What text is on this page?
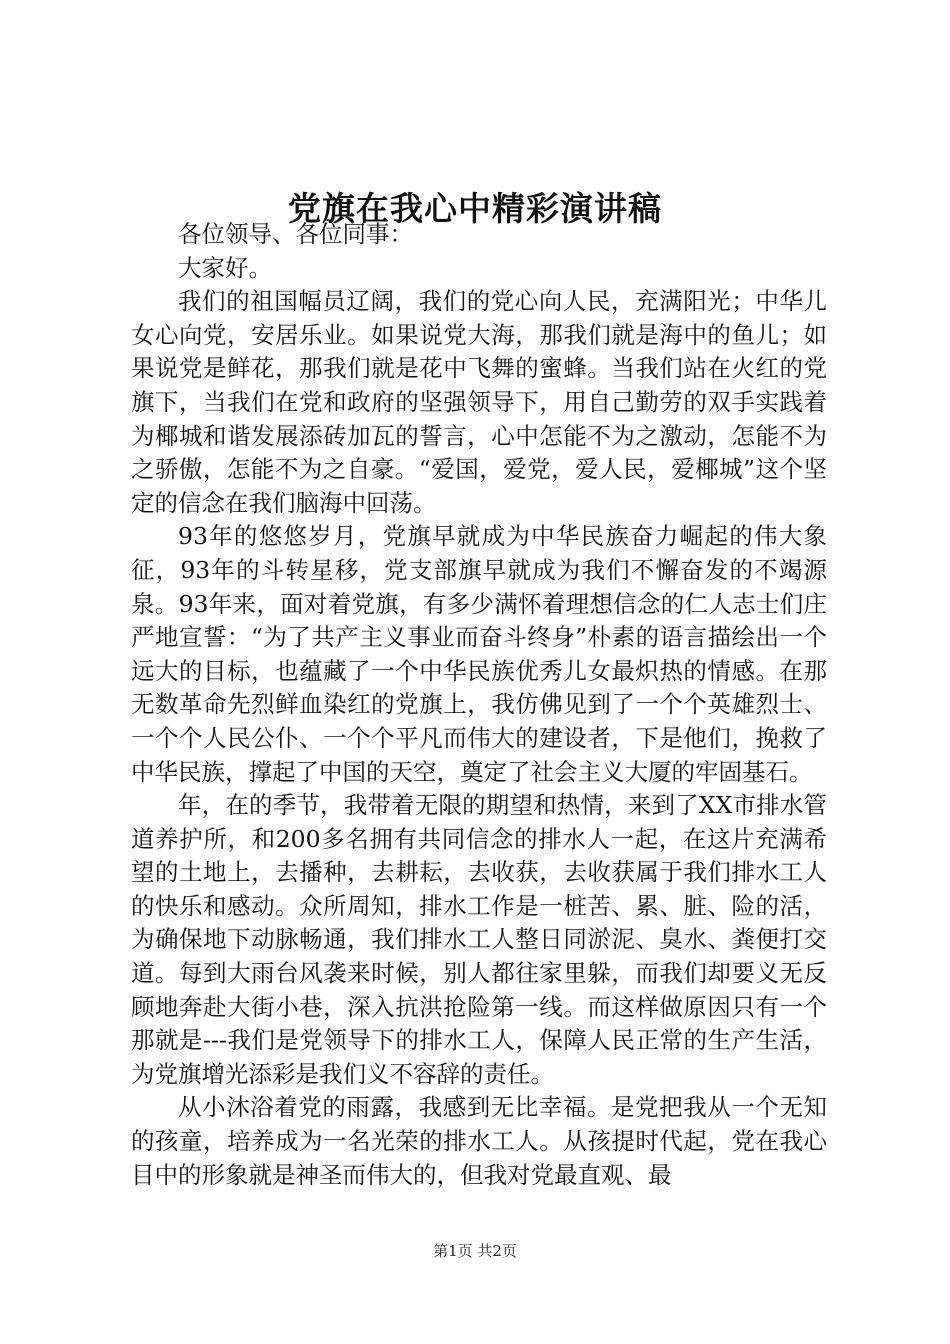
党旗在我心中精彩演讲稿

各位领导、各位同事：

大家好。

我们的祖国幅员辽阔，我们的党心向人民，充满阳光；中华儿女心向党，安居乐业。如果说党大海，那我们就是海中的鱼儿；如果说党是鲜花，那我们就是花中飞舞的蜜蜂。当我们站在火红的党旗下，当我们在党和政府的坚强领导下，用自己勤劳的双手实践着为椰城和谐发展添砖加瓦的誓言，心中怎能不为之激动，怎能不为之骄傲，怎能不为之自豪。“爱国，爱党，爱人民，爱椰城”这个坚定的信念在我们脑海中回荡。

93年的悠悠岁月，党旗早就成为中华民族奋力崛起的伟大象征，93年的斗转星移，党支部旗早就成为我们不懈奋发的不竭源泉。93年来，面对着党旗，有多少满怀着理想信念的仁人志士们庄严地宣誓：“为了共产主义事业而奋斗终身”朴素的语言描绘出一个远大的目标，也蕴藏了一个中华民族优秀儿女最炽热的情感。在那无数革命先烈鲜血染红的党旗上，我仿佛见到了一个个英雄烈士、一个个人民公仆、一个个平凡而伟大的建设者，下是他们，挽救了中华民族，撑起了中国的天空，奠定了社会主义大厦的牢固基石。

年，在的季节，我带着无限的期望和热情，来到了XX市排水管道养护所，和200多名拥有共同信念的排水人一起，在这片充满希望的土地上，去播种，去耕耘，去收获，去收获属于我们排水工人的快乐和感动。众所周知，排水工作是一桩苦、累、脏、险的活，为确保地下动脉畅通，我们排水工人整日同淤泥、臭水、粪便打交道。每到大雨台风袭来时候，别人都往家里躲，而我们却要义无反顾地奔赴大街小巷，深入抗洪抢险第一线。而这样做原因只有一个那就是---我们是党领导下的排水工人，保障人民正常的生产生活，为党旗增光添彩是我们义不容辞的责任。

从小沐浴着党的雨露，我感到无比幸福。是党把我从一个无知的孩童，培养成为一名光荣的排水工人。从孩提时代起，党在我心目中的形象就是神圣而伟大的，但我对党最直观、最

第1页 共2页
